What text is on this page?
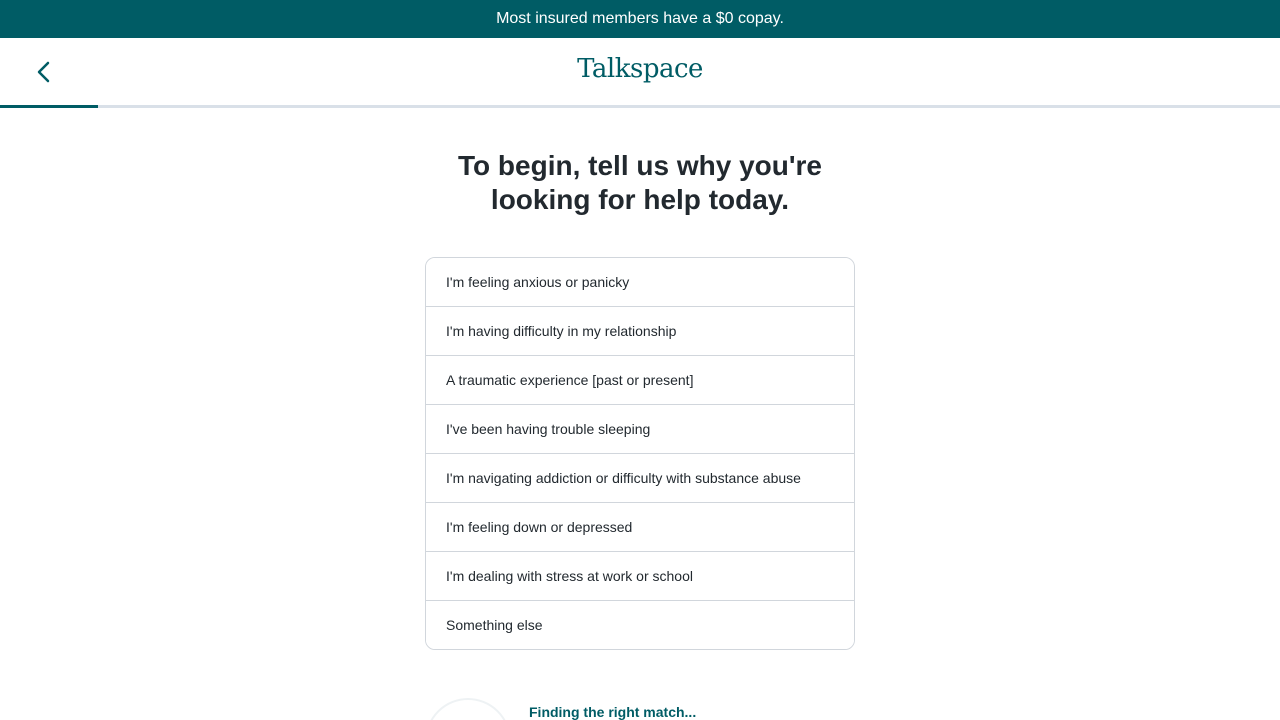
Most insured members have a $0 copay.
Talkspace
To begin, tell us why you're
looking for help today.
I'm feeling anxious or panicky
I'm having difficulty in my relationship
A traumatic experience [past or present]
I've been having trouble sleeping
I'm navigating addiction or difficulty with substance abuse
I'm feeling down or depressed
I'm dealing with stress at work or school
Something else
Finding the right match...
